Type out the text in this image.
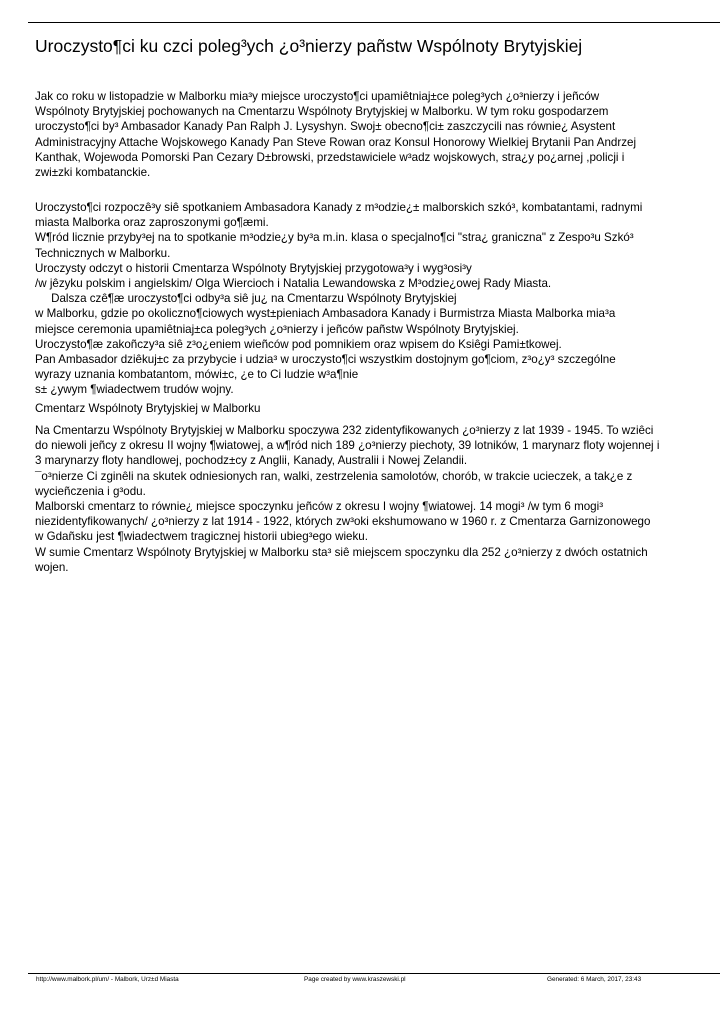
Uroczysto¶ci ku czci poleg³ych ¿o³nierzy pañstw Wspólnoty Brytyjskiej

Jak co roku w listopadzie w Malborku mia³y miejsce uroczysto¶ci upamiêtniaj±ce poleg³ych ¿o³nierzy i jeñców

Wspólnoty Brytyjskiej pochowanych na Cmentarzu Wspólnoty Brytyjskiej w Malborku. W tym roku gospodarzem

uroczysto¶ci by³ Ambasador Kanady Pan Ralph J. Lysyshyn. Swoj± obecno¶ci± zaszczycili nas równie¿ Asystent

Administracyjny Attache Wojskowego Kanady Pan Steve Rowan oraz Konsul Honorowy Wielkiej Brytanii Pan Andrzej

Kanthak, Wojewoda Pomorski Pan Cezary D±browski, przedstawiciele w³adz wojskowych, stra¿y po¿arnej ,policji i

zwi±zki kombatanckie.

Uroczysto¶ci rozpoczê³y siê spotkaniem Ambasadora Kanady z m³odzie¿± malborskich szkó³, kombatantami, radnymi

miasta Malborka oraz zaproszonymi go¶æmi.

W¶ród licznie przyby³ej na to spotkanie m³odzie¿y by³a m.in. klasa o specjalno¶ci "stra¿ graniczna" z Zespo³u Szkó³

Technicznych w Malborku.

Uroczysty odczyt o historii Cmentarza Wspólnoty Brytyjskiej przygotowa³y i wyg³osi³y

/w jêzyku polskim i angielskim/ Olga Wiercioch i Natalia Lewandowska z M³odzie¿owej Rady Miasta.

Dalsza czê¶æ uroczysto¶ci odby³a siê ju¿ na Cmentarzu Wspólnoty Brytyjskiej

w Malborku, gdzie po okoliczno¶ciowych wyst±pieniach Ambasadora Kanady i Burmistrza Miasta Malborka mia³a

miejsce ceremonia upamiêtniaj±ca poleg³ych ¿o³nierzy i jeñców pañstw Wspólnoty Brytyjskiej.

Uroczysto¶æ zakoñczy³a siê z³o¿eniem wieñców pod pomnikiem oraz wpisem do Ksiêgi Pami±tkowej.

Pan Ambasador dziêkuj±c za przybycie i udzia³ w uroczysto¶ci wszystkim dostojnym go¶ciom, z³o¿y³ szczególne

wyrazy uznania kombatantom, mówi±c, ¿e to Ci ludzie w³a¶nie

s± ¿ywym ¶wiadectwem trudów wojny.

Cmentarz Wspólnoty Brytyjskiej w Malborku

Na Cmentarzu Wspólnoty Brytyjskiej w Malborku spoczywa 232 zidentyfikowanych ¿o³nierzy z lat 1939 - 1945. To wziêci

do niewoli jeñcy z okresu II wojny ¶wiatowej, a w¶ród nich 189 ¿o³nierzy piechoty, 39 lotników, 1 marynarz floty wojennej i

3 marynarzy floty handlowej, pochodz±cy z Anglii, Kanady, Australii i Nowej Zelandii.

¯o³nierze Ci zginêli na skutek odniesionych ran, walki, zestrzelenia samolotów, chorób, w trakcie ucieczek, a tak¿e z

wycieñczenia i g³odu.

Malborski cmentarz to równie¿ miejsce spoczynku jeñców z okresu I wojny ¶wiatowej. 14 mogi³ /w tym 6 mogi³

niezidentyfikowanych/ ¿o³nierzy z lat 1914 - 1922, których zw³oki ekshumowano w 1960 r. z Cmentarza Garnizonowego

w Gdañsku jest ¶wiadectwem tragicznej historii ubieg³ego wieku.

W sumie Cmentarz Wspólnoty Brytyjskiej w Malborku sta³ siê miejscem spoczynku dla 252 ¿o³nierzy z dwóch ostatnich

wojen.

http://www.malbork.pl/um/ - Malbork, Urz±d Miasta	Page created by www.kraszewski.pl	Generated: 6 March, 2017, 23:43
